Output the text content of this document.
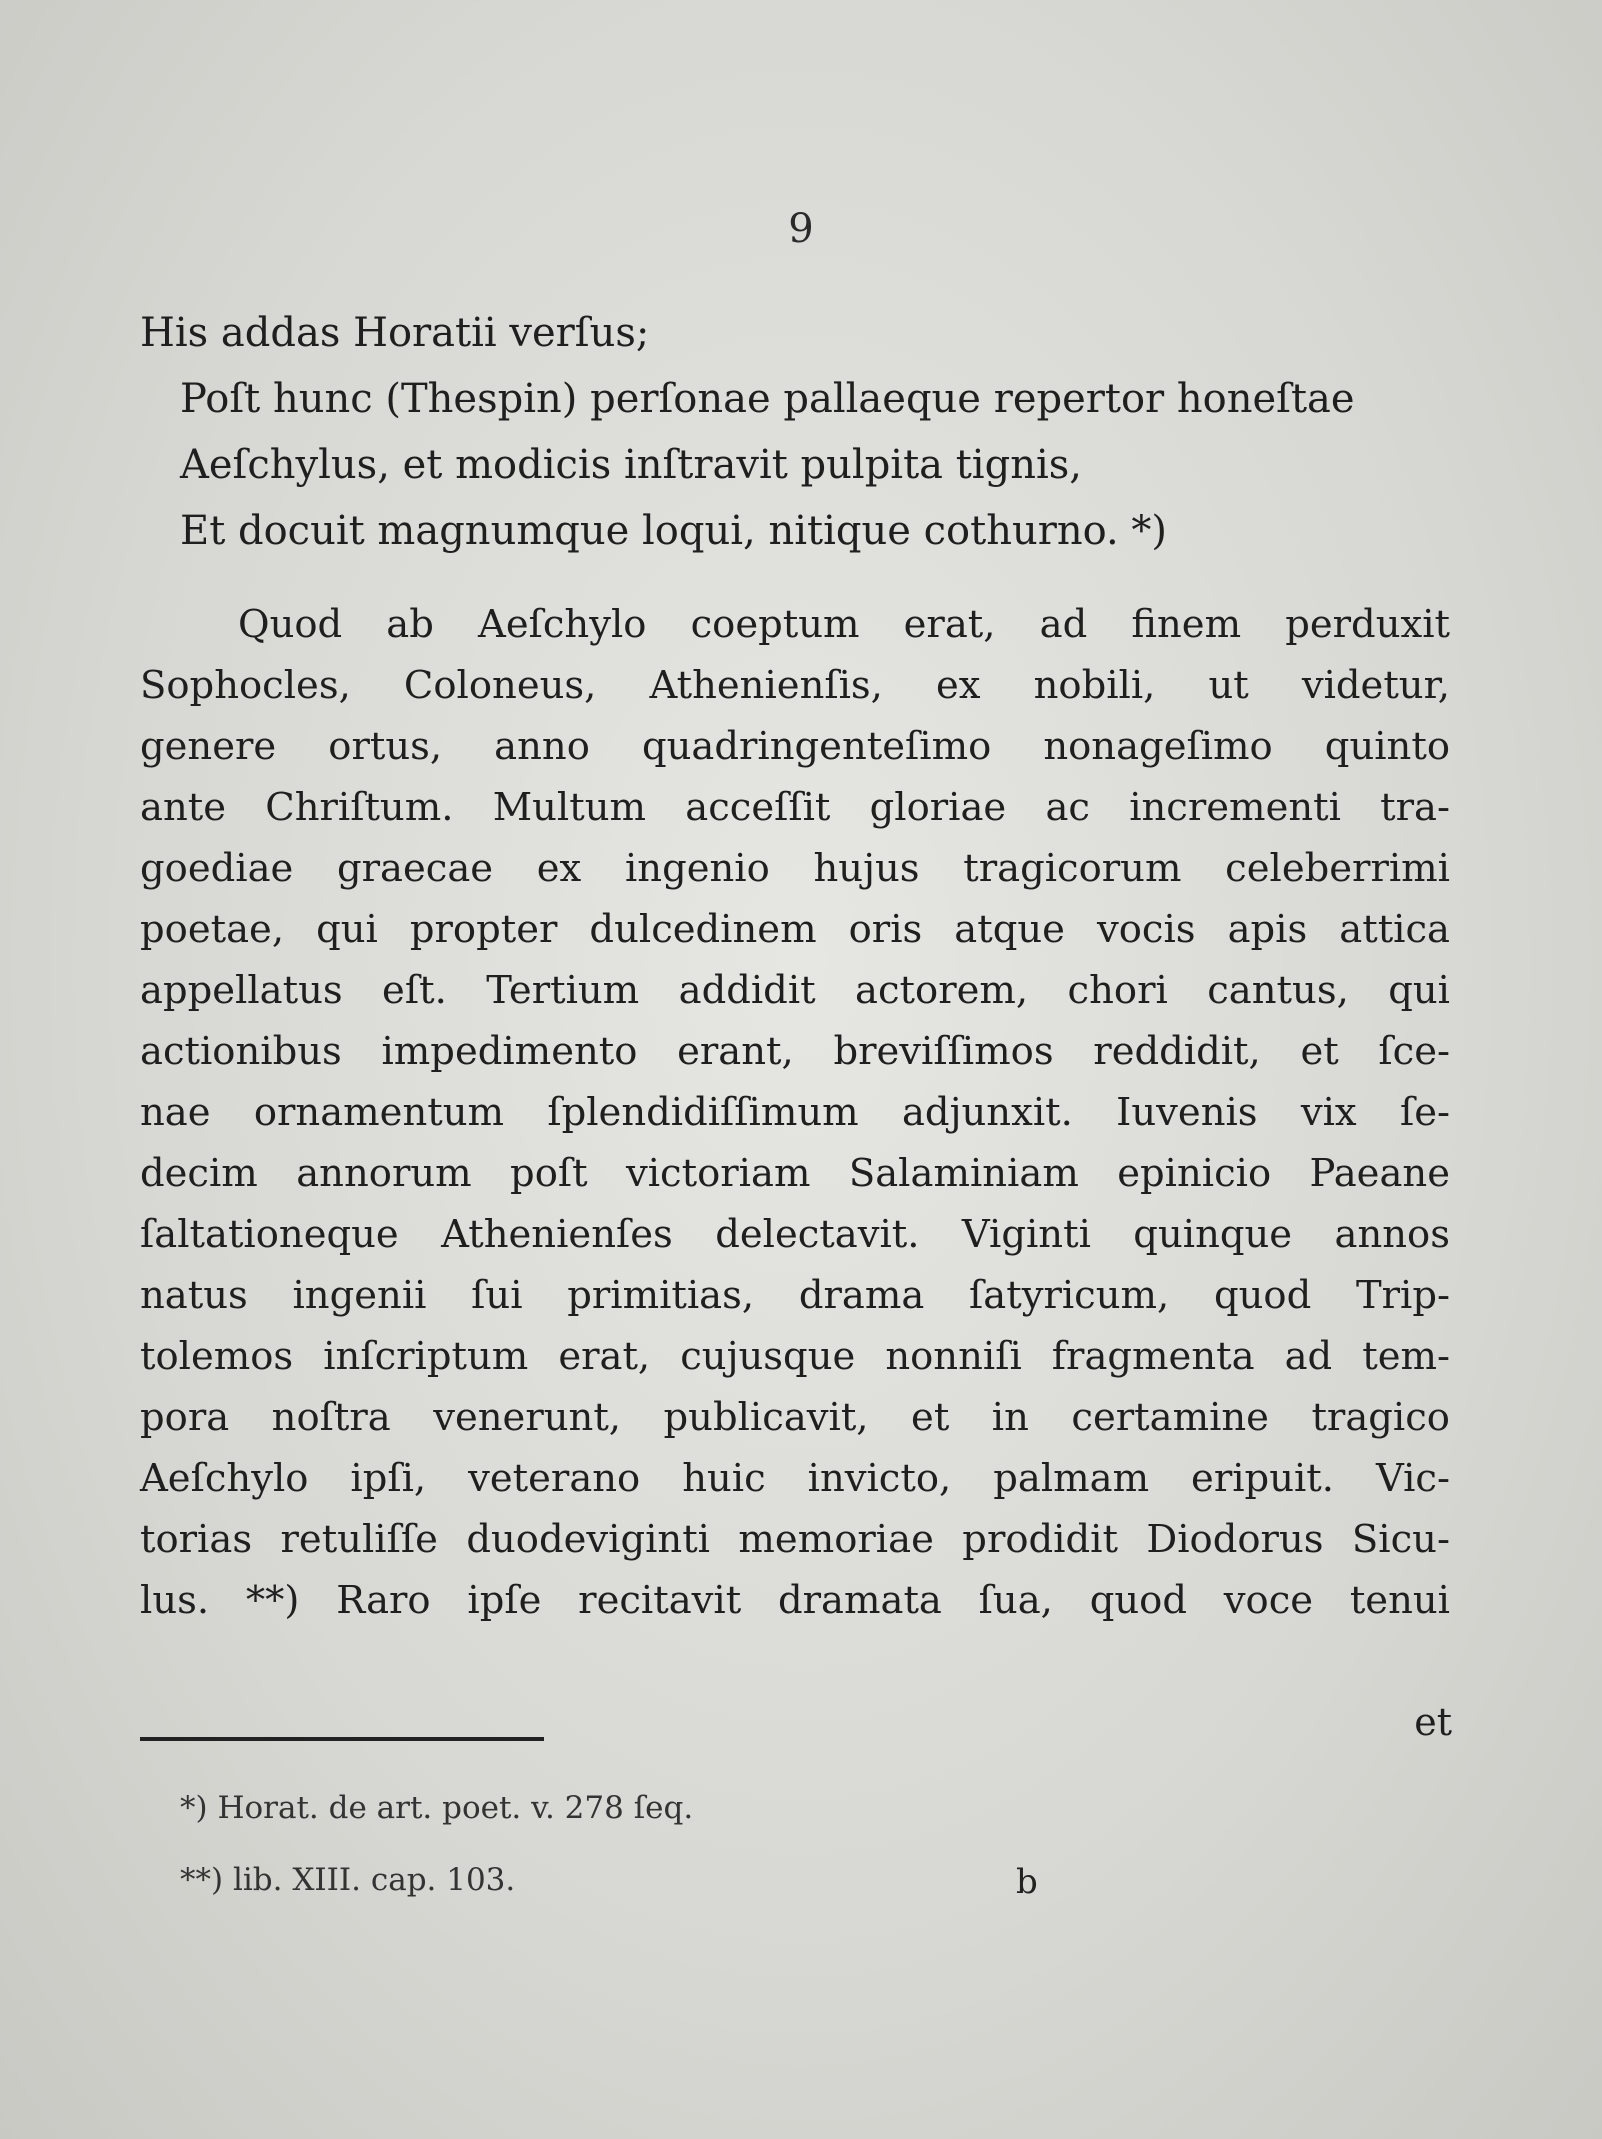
9
His addas Horatii verſus;
Poſt hunc (Thespin) perſonae pallaeque repertor honeſtae
Aeſchylus, et modicis inſtravit pulpita tignis,
Et docuit magnumque loqui, nitique cothurno. *)
Quod ab Aeſchylo coeptum erat, ad finem perduxit
Sophocles, Coloneus, Athenienſis, ex nobili, ut videtur,
genere ortus, anno quadringenteſimo nonageſimo quinto
ante Chriſtum. Multum acceſſit gloriae ac incrementi tra-
goediae graecae ex ingenio hujus tragicorum celeberrimi
poetae, qui propter dulcedinem oris atque vocis apis attica
appellatus eſt. Tertium addidit actorem, chori cantus, qui
actionibus impedimento erant, breviſſimos reddidit, et ſce-
nae ornamentum ſplendidiſſimum adjunxit. Iuvenis vix ſe-
decim annorum poſt victoriam Salaminiam epinicio Paeane
ſaltationeque Athenienſes delectavit. Viginti quinque annos
natus ingenii ſui primitias, drama ſatyricum, quod Trip-
tolemos inſcriptum erat, cujusque nonniſi fragmenta ad tem-
pora noſtra venerunt, publicavit, et in certamine tragico
Aeſchylo ipſi, veterano huic invicto, palmam eripuit. Vic-
torias retuliſſe duodeviginti memoriae prodidit Diodorus Sicu-
lus. **) Raro ipſe recitavit dramata ſua, quod voce tenui
et
*) Horat. de art. poet. v. 278 ſeq.
**) lib. XIII. cap. 103.	b
